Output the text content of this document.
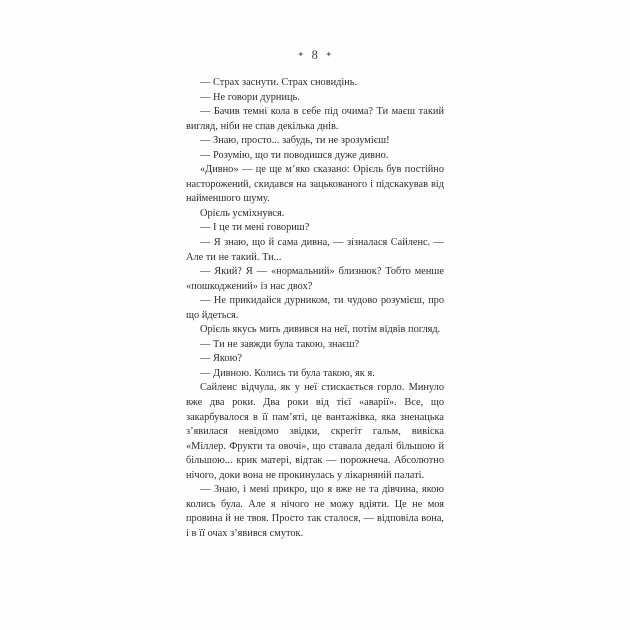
✦ 8 ✦

— Страх заснути. Страх сновидінь.

— Не говори дурниць.

— Бачив темні кола в себе під очима? Ти маєш такий вигляд, ніби не спав декілька днів.

— Знаю, просто... забудь, ти не зрозумієш!

— Розумію, що ти поводишся дуже дивно.

«Дивно» — це ще м’яко сказано: Орієль був постійно насторожений, скидався на зацькованого і підскакував від найменшого шуму.

Орієль усміхнувся.

— І це ти мені говориш?

— Я знаю, що й сама дивна, — зізналася Сайленс. — Але ти не такий. Ти...

— Який? Я — «нормальний» близнюк? Тобто менше «пошкоджений» із нас двох?

— Не прикидайся дурником, ти чудово розумієш, про що йдеться.

Орієль якусь мить дивився на неї, потім відвів погляд.

— Ти не завжди була такою, знаєш?

— Якою?

— Дивною. Колись ти була такою, як я.

Сайленс відчула, як у неї стискається горло. Минуло вже два роки. Два роки від тієї «аварії». Все, що закарбувалося в її пам’яті, це вантажівка, яка зненацька з’явилася невідомо звідки, скрегіт гальм, вивіска «Міллер. Фрукти та овочі», що ставала дедалі більшою й більшою... крик матері, відтак — порожнеча. Абсолютно нічого, доки вона не прокинулась у лікарняній палаті.

— Знаю, і мені прикро, що я вже не та дівчина, якою колись була. Але я нічого не можу вдіяти. Це не моя провина й не твоя. Просто так сталося, — відповіла вона, і в її очах з’явився смуток.
